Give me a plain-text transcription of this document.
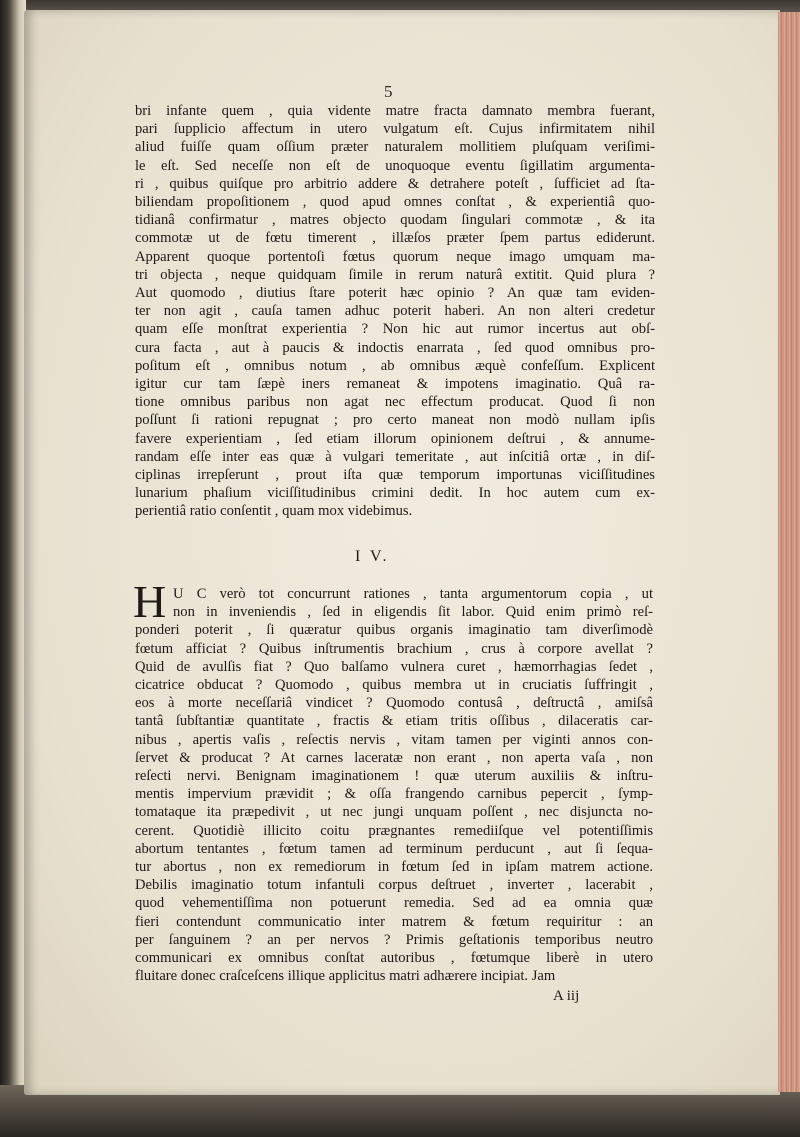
5
bri infante quem , quia vidente matre fracta damnato membra fuerant,
pari ſupplicio affectum in utero vulgatum eſt. Cujus infirmitatem nihil
aliud fuiſſe quam oſſium præter naturalem mollitiem pluſquam veriſimi-
le eſt. Sed neceſſe non eſt de unoquoque eventu ſigillatim argumenta-
ri , quibus quiſque pro arbitrio addere & detrahere poteſt , ſufficiet ad ſta-
biliendam propoſitionem , quod apud omnes conſtat , & experientiâ quo-
tidianâ confirmatur , matres objecto quodam ſingulari commotæ , & ita
commotæ ut de fœtu timerent , illæſos præter ſpem partus ediderunt.
Apparent quoque portentoſi fœtus quorum neque imago umquam ma-
tri objecta , neque quidquam ſimile in rerum naturâ extitit. Quid plura ?
Aut quomodo , diutius ſtare poterit hæc opinio ? An quæ tam eviden-
ter non agit , cauſa tamen adhuc poterit haberi. An non alteri credetur
quam eſſe monſtrat experientia ? Non hic aut rumor incertus aut obſ-
cura facta , aut à paucis & indoctis enarrata , ſed quod omnibus pro-
poſitum eſt , omnibus notum , ab omnibus æquè confeſſum. Explicent
igitur cur tam ſæpè iners remaneat & impotens imaginatio. Quâ ra-
tione omnibus paribus non agat nec effectum producat. Quod ſi non
poſſunt ſi rationi repugnat ; pro certo maneat non modò nullam ipſis
favere experientiam , ſed etiam illorum opinionem deſtrui , & annume-
randam eſſe inter eas quæ à vulgari temeritate , aut inſcitiâ ortæ , in diſ-
ciplinas irrepſerunt , prout iſta quæ temporum importunas viciſſitudines
lunarium phaſium viciſſitudinibus crimini dedit. In hoc autem cum ex-
perientiâ ratio conſentit , quam mox videbimus.
I V.
H U C verò tot concurrunt rationes , tanta argumentorum copia , ut
non in inveniendis , ſed in eligendis ſit labor. Quid enim primò reſ-
ponderi poterit , ſi quæratur quibus organis imaginatio tam diverſimodè
fœtum afficiat ? Quibus inſtrumentis brachium , crus à corpore avellat ?
Quid de avulſis fiat ? Quo balſamo vulnera curet , hæmorrhagias ſedet ,
cicatrice obducat ? Quomodo , quibus membra ut in cruciatis ſuffringit ,
eos à morte neceſſariâ vindicet ? Quomodo contusâ , deſtructâ , amiſsâ
tantâ ſubſtantiæ quantitate , fractis & etiam tritis oſſibus , dilaceratis car-
nibus , apertis vaſis , reſectis nervis , vitam tamen per viginti annos con-
ſervet & producat ? At carnes laceratæ non erant , non aperta vaſa , non
reſecti nervi. Benignam imaginationem ! quæ uterum auxiliis & inſtru-
mentis impervium prævidit ; & oſſa frangendo carnibus pepercit , ſymp-
tomataque ita præpedivit , ut nec jungi unquam poſſent , nec disjuncta no-
cerent. Quotidiè illicito coitu prægnantes remediiſque vel potentiſſimis
abortum tentantes , fœtum tamen ad terminum perducunt , aut ſi ſequa-
tur abortus , non ex remediorum in fœtum ſed in ipſam matrem actione.
Debilis imaginatio totum infantuli corpus deſtruet , inverteт , lacerabit ,
quod vehementiſſima non potuerunt remedia. Sed ad ea omnia quæ
fieri contendunt communicatio inter matrem & fœtum requiritur : an
per ſanguinem ? an per nervos ? Primis geſtationis temporibus neutro
communicari ex omnibus conſtat autoribus , fœtumque liberè in utero
fluitare donec craſceſcens illique applicitus matri adhærere incipiat. Jam
A iij
